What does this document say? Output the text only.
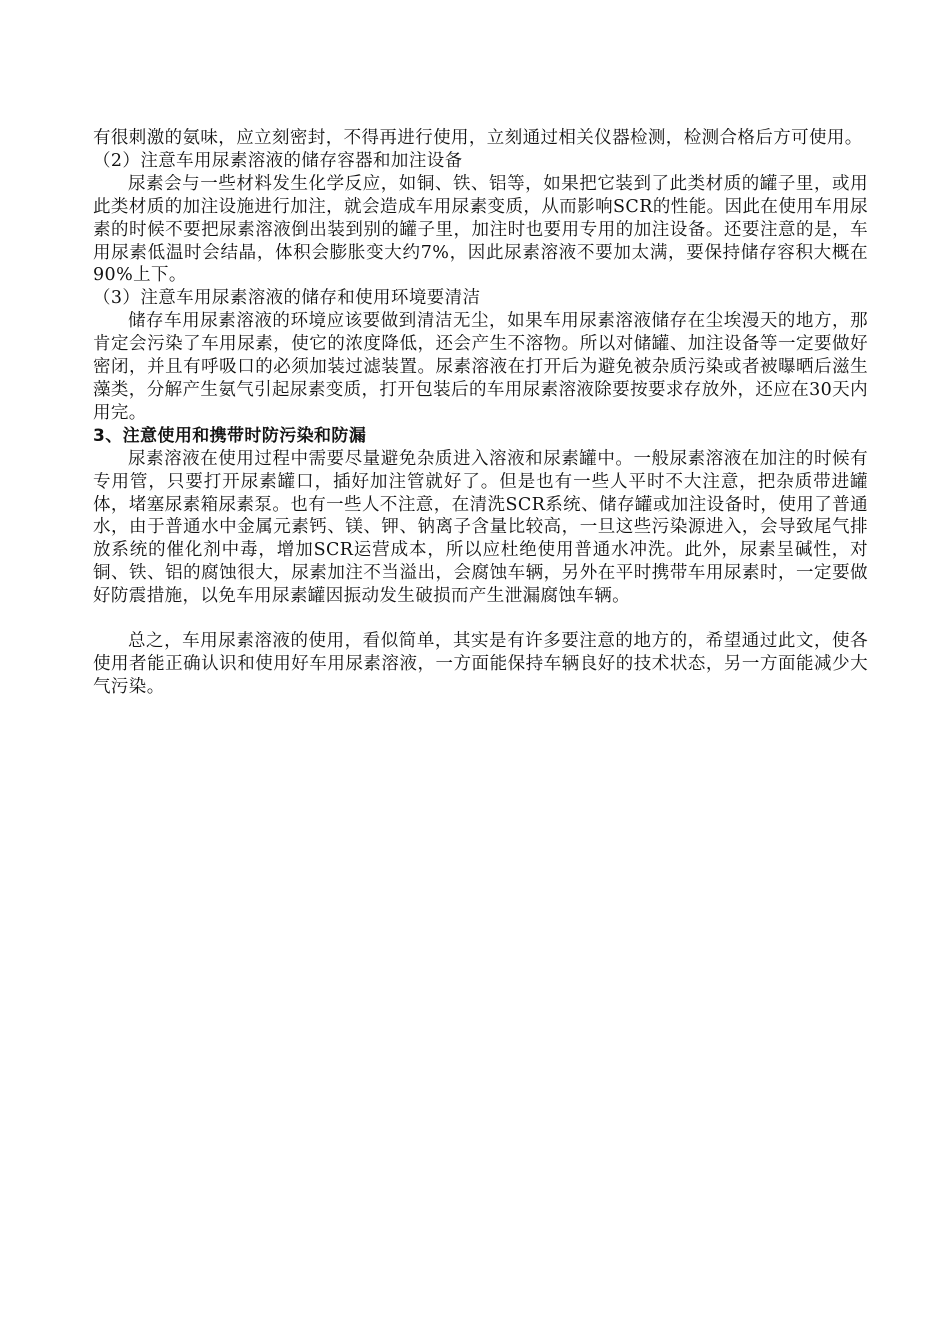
有很刺激的氨味，应立刻密封，不得再进行使用，立刻通过相关仪器检测，检测合格后方可使用。

（2）注意车用尿素溶液的储存容器和加注设备

尿素会与一些材料发生化学反应，如铜、铁、铝等，如果把它装到了此类材质的罐子里，或用此类材质的加注设施进行加注，就会造成车用尿素变质，从而影响SCR的性能。因此在使用车用尿素的时候不要把尿素溶液倒出装到别的罐子里，加注时也要用专用的加注设备。还要注意的是，车用尿素低温时会结晶，体积会膨胀变大约7%，因此尿素溶液不要加太满，要保持储存容积大概在90%上下。

（3）注意车用尿素溶液的储存和使用环境要清洁

储存车用尿素溶液的环境应该要做到清洁无尘，如果车用尿素溶液储存在尘埃漫天的地方，那肯定会污染了车用尿素，使它的浓度降低，还会产生不溶物。所以对储罐、加注设备等一定要做好密闭，并且有呼吸口的必须加装过滤装置。尿素溶液在打开后为避免被杂质污染或者被曝晒后滋生藻类，分解产生氨气引起尿素变质，打开包装后的车用尿素溶液除要按要求存放外，还应在30天内用完。

3、注意使用和携带时防污染和防漏

尿素溶液在使用过程中需要尽量避免杂质进入溶液和尿素罐中。一般尿素溶液在加注的时候有专用管，只要打开尿素罐口，插好加注管就好了。但是也有一些人平时不大注意，把杂质带进罐体，堵塞尿素箱尿素泵。也有一些人不注意，在清洗SCR系统、储存罐或加注设备时，使用了普通水，由于普通水中金属元素钙、镁、钾、钠离子含量比较高，一旦这些污染源进入，会导致尾气排放系统的催化剂中毒，增加SCR运营成本，所以应杜绝使用普通水冲洗。此外，尿素呈碱性，对铜、铁、铝的腐蚀很大，尿素加注不当溢出，会腐蚀车辆，另外在平时携带车用尿素时，一定要做好防震措施，以免车用尿素罐因振动发生破损而产生泄漏腐蚀车辆。

总之，车用尿素溶液的使用，看似简单，其实是有许多要注意的地方的，希望通过此文，使各使用者能正确认识和使用好车用尿素溶液，一方面能保持车辆良好的技术状态，另一方面能减少大气污染。
